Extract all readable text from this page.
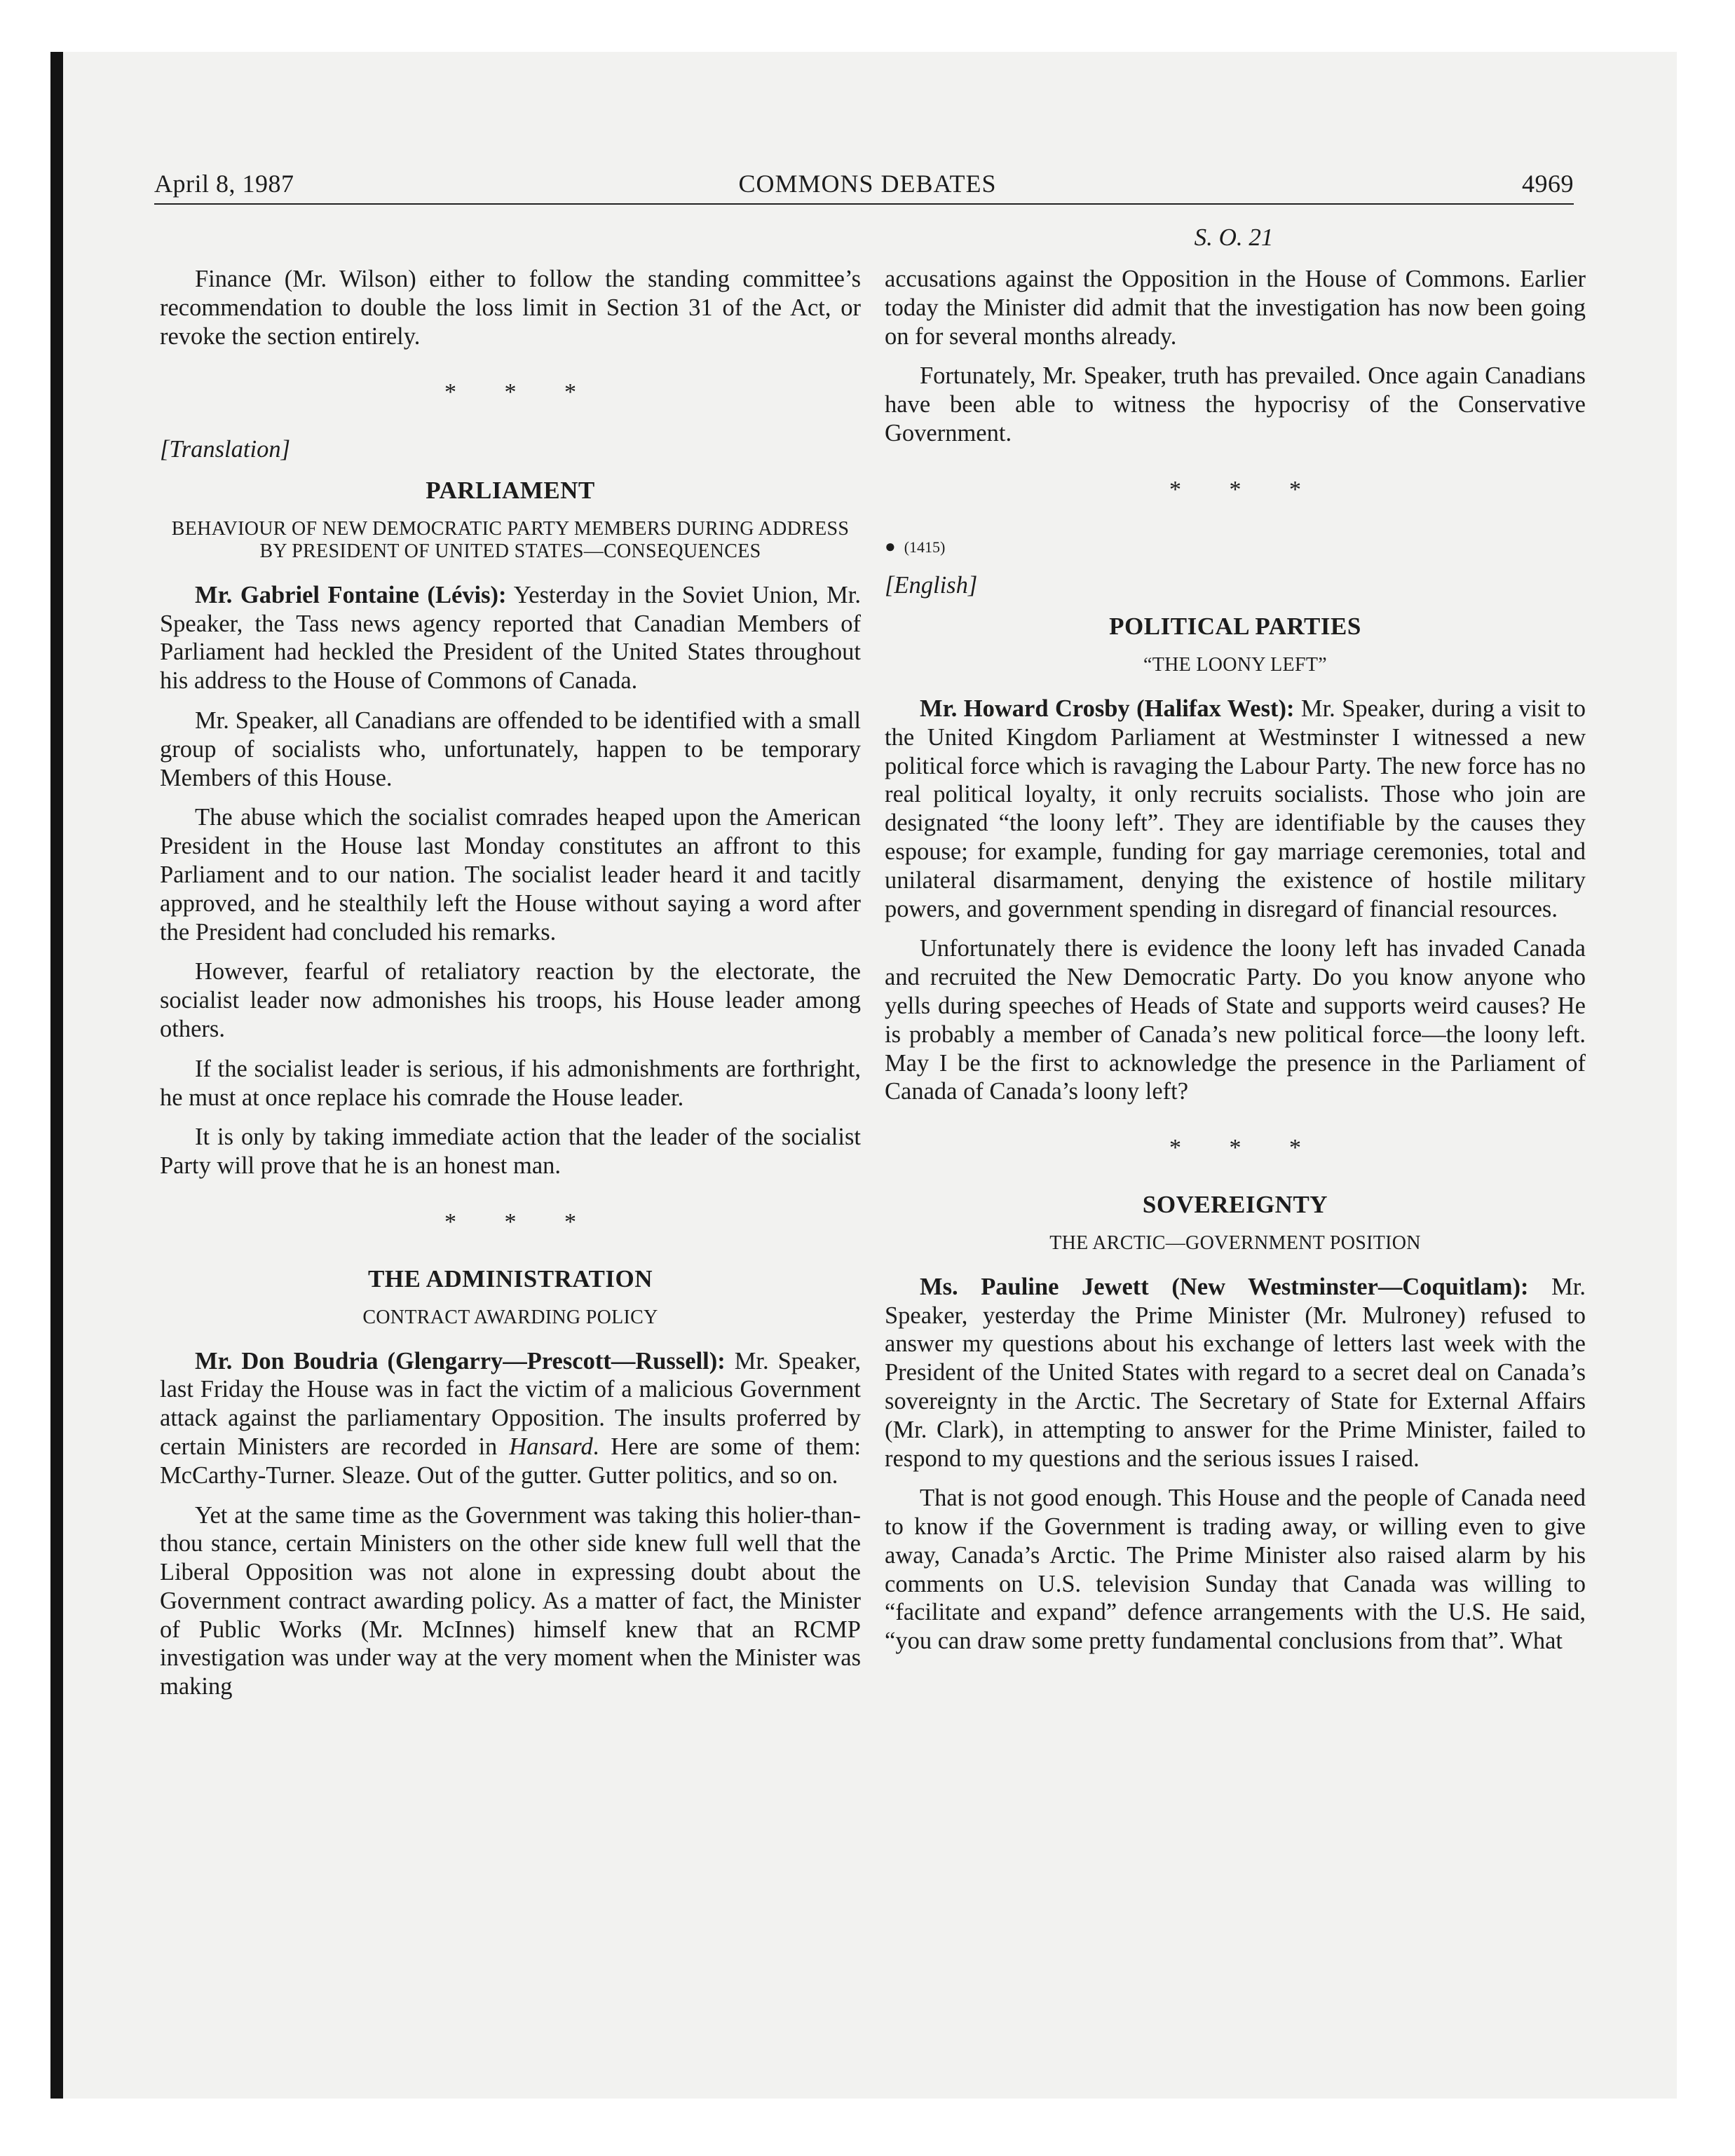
April 8, 1987	COMMONS DEBATES	4969
S. O. 21

Finance (Mr. Wilson) either to follow the standing committee’s recommendation to double the loss limit in Section 31 of the Act, or revoke the section entirely.

* * *
[Translation]
PARLIAMENT
BEHAVIOUR OF NEW DEMOCRATIC PARTY MEMBERS DURING ADDRESS BY PRESIDENT OF UNITED STATES—CONSEQUENCES

Mr. Gabriel Fontaine (Lévis): Yesterday in the Soviet Union, Mr. Speaker, the Tass news agency reported that Canadian Members of Parliament had heckled the President of the United States throughout his address to the House of Commons of Canada.

Mr. Speaker, all Canadians are offended to be identified with a small group of socialists who, unfortunately, happen to be temporary Members of this House.

The abuse which the socialist comrades heaped upon the American President in the House last Monday constitutes an affront to this Parliament and to our nation. The socialist leader heard it and tacitly approved, and he stealthily left the House without saying a word after the President had concluded his remarks.

However, fearful of retaliatory reaction by the electorate, the socialist leader now admonishes his troops, his House leader among others.

If the socialist leader is serious, if his admonishments are forthright, he must at once replace his comrade the House leader.

It is only by taking immediate action that the leader of the socialist Party will prove that he is an honest man.

* * *
THE ADMINISTRATION
CONTRACT AWARDING POLICY

Mr. Don Boudria (Glengarry—Prescott—Russell): Mr. Speaker, last Friday the House was in fact the victim of a malicious Government attack against the parliamentary Opposition. The insults proferred by certain Ministers are recorded in Hansard. Here are some of them: McCarthy-Turner. Sleaze. Out of the gutter. Gutter politics, and so on.

Yet at the same time as the Government was taking this holier-than-thou stance, certain Ministers on the other side knew full well that the Liberal Opposition was not alone in expressing doubt about the Government contract awarding policy. As a matter of fact, the Minister of Public Works (Mr. McInnes) himself knew that an RCMP investigation was under way at the very moment when the Minister was making

accusations against the Opposition in the House of Commons. Earlier today the Minister did admit that the investigation has now been going on for several months already.

Fortunately, Mr. Speaker, truth has prevailed. Once again Canadians have been able to witness the hypocrisy of the Conservative Government.

* * *
● (1415)
[English]
POLITICAL PARTIES
“THE LOONY LEFT”

Mr. Howard Crosby (Halifax West): Mr. Speaker, during a visit to the United Kingdom Parliament at Westminster I witnessed a new political force which is ravaging the Labour Party. The new force has no real political loyalty, it only recruits socialists. Those who join are designated “the loony left”. They are identifiable by the causes they espouse; for example, funding for gay marriage ceremonies, total and unilateral disarmament, denying the existence of hostile military powers, and government spending in disregard of financial resources.

Unfortunately there is evidence the loony left has invaded Canada and recruited the New Democratic Party. Do you know anyone who yells during speeches of Heads of State and supports weird causes? He is probably a member of Canada’s new political force—the loony left. May I be the first to acknowledge the presence in the Parliament of Canada of Canada’s loony left?

* * *
SOVEREIGNTY
THE ARCTIC—GOVERNMENT POSITION

Ms. Pauline Jewett (New Westminster—Coquitlam): Mr. Speaker, yesterday the Prime Minister (Mr. Mulroney) refused to answer my questions about his exchange of letters last week with the President of the United States with regard to a secret deal on Canada’s sovereignty in the Arctic. The Secretary of State for External Affairs (Mr. Clark), in attempting to answer for the Prime Minister, failed to respond to my questions and the serious issues I raised.

That is not good enough. This House and the people of Canada need to know if the Government is trading away, or willing even to give away, Canada’s Arctic. The Prime Minister also raised alarm by his comments on U.S. television Sunday that Canada was willing to “facilitate and expand” defence arrangements with the U.S. He said, “you can draw some pretty fundamental conclusions from that”. What
